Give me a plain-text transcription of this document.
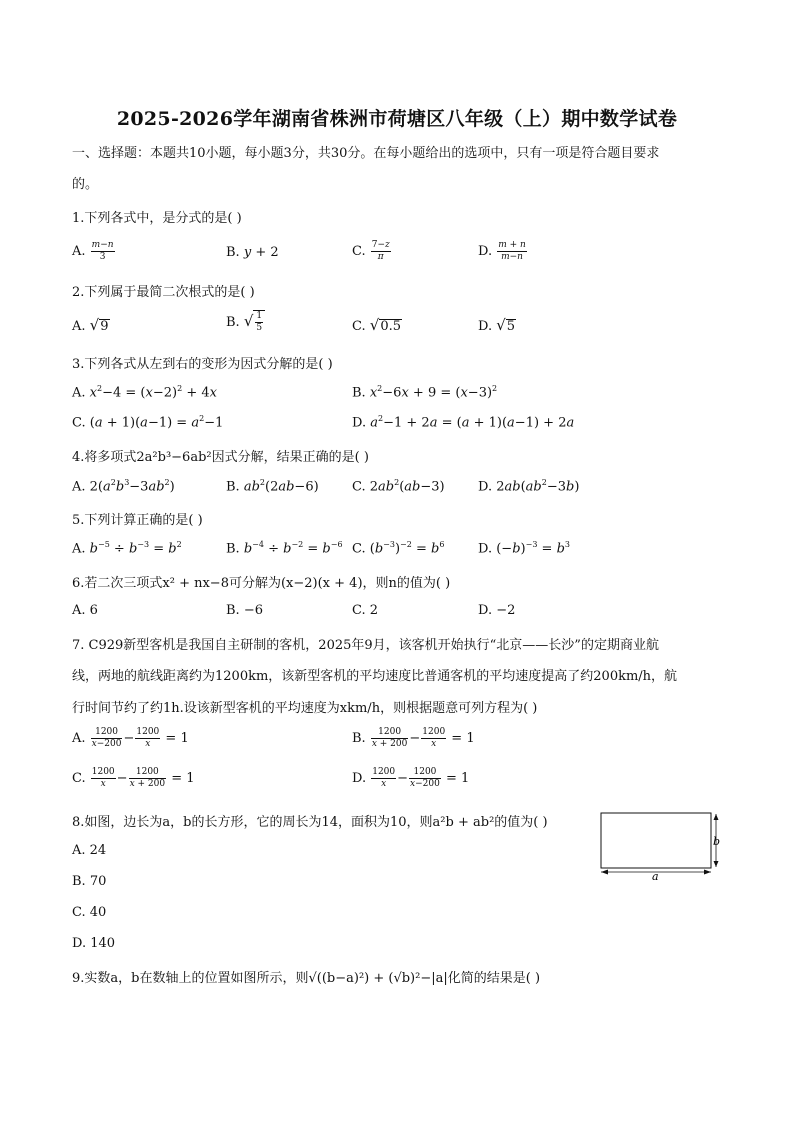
2025-2026学年湖南省株洲市荷塘区八年级（上）期中数学试卷
一、选择题：本题共10小题，每小题3分，共30分。在每小题给出的选项中，只有一项是符合题目要求
的。
1.下列各式中，是分式的是( )
A. $\frac{m-n}{3}$	B. y + 2	C. $\frac{7-z}{\pi}$	D. $\frac{m + n}{m-n}$
2.下列属于最简二次根式的是( )
A. √9	B. √ $\frac{1}{5}$	C. √0.5	D. √5
3.下列各式从左到右的变形为因式分解的是( )
A. $x^2-4 = (x-2)^2 + 4x$	B. $x^2-6x + 9 = (x-3)^2$
C. $(a + 1)(a-1) = a^2-1$	D. $a^2-1 + 2a = (a + 1)(a-1) + 2a$
4.将多项式2a²b³−6ab²因式分解，结果正确的是( )
A. $2(a^2b^3-3ab^2)$	B. $ab^2(2ab-6)$	C. $2ab^2(ab-3)$	D. $2ab(ab^2-3b)$
5.下列计算正确的是( )
A. $b^{-5} \div b^{-3} = b^2$	B. $b^{-4} \div b^{-2} = b^{-6}$ C. $(b^{-3})^{-2} = b^6$	D. $(-b)^{-3} = b^3$
6.若二次三项式x² + nx−8可分解为(x−2)(x + 4)，则n的值为( )
A. 6	B. −6	C. 2	D. −2
7. C929新型客机是我国自主研制的客机，2025年9月，该客机开始执行“北京——长沙”的定期商业航
线，两地的航线距离约为1200km，该新型客机的平均速度比普通客机的平均速度提高了约200km/h，航
行时间节约了约1h.设该新型客机的平均速度为xkm/h，则根据题意可列方程为( )
A. $\frac{1200}{x-200} - \frac{1200}{x} = 1$	B. $\frac{1200}{x + 200} - \frac{1200}{x} = 1$
C. $\frac{1200}{x} - \frac{1200}{x + 200} = 1$	D. $\frac{1200}{x} - \frac{1200}{x-200} = 1$
8.如图，边长为a，b的长方形，它的周长为14，面积为10，则a²b + ab²的值为( )
A. 24
B. 70
C. 40
D. 140
b
a
9.实数a，b在数轴上的位置如图所示，则√((b−a)²) + (√b)²−|a|化简的结果是( )
